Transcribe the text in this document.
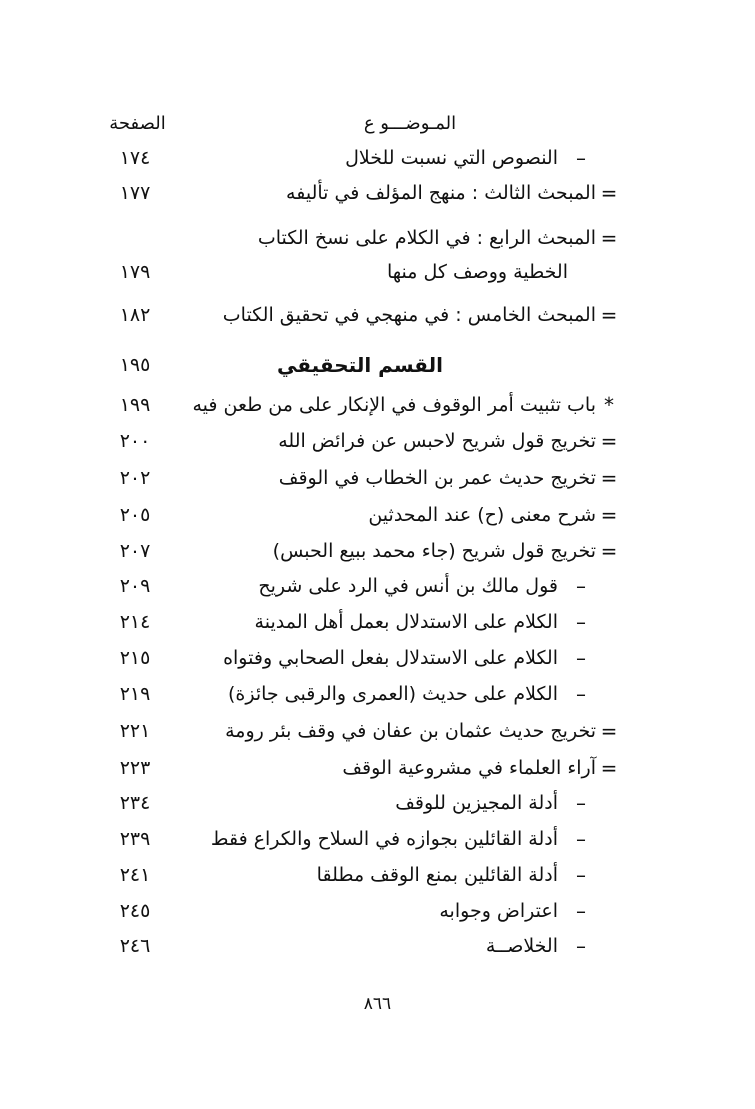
المـوضـــو ع
الصفحة
–
النصوص التي نسبت للخلال
١٧٤
=
المبحث الثالث : منهج المؤلف في تأليفه
١٧٧
=
المبحث الرابع : في الكلام على نسخ الكتاب
الخطية ووصف كل منها
١٧٩
=
المبحث الخامس : في منهجي في تحقيق الكتاب
١٨٢
القسم التحقيقي
١٩٥
*
باب تثبيت أمر الوقوف في الإنكار على من طعن فيه
١٩٩
=
تخريج قول شريح لاحبس عن فرائض الله
٢٠٠
=
تخريج حديث عمر بن الخطاب في الوقف
٢٠٢
=
شرح معنى (ح) عند المحدثين
٢٠٥
=
تخريج قول شريح (جاء محمد ببيع الحبس)
٢٠٧
–
قول مالك بن أنس في الرد على شريح
٢٠٩
–
الكلام على الاستدلال بعمل أهل المدينة
٢١٤
–
الكلام على الاستدلال بفعل الصحابي وفتواه
٢١٥
–
الكلام على حديث (العمرى والرقبى جائزة)
٢١٩
=
تخريج حديث عثمان بن عفان في وقف بئر رومة
٢٢١
=
آراء العلماء في مشروعية الوقف
٢٢٣
–
أدلة المجيزين للوقف
٢٣٤
–
أدلة القائلين بجوازه في السلاح والكراع فقط
٢٣٩
–
أدلة القائلين بمنع الوقف مطلقا
٢٤١
–
اعتراض وجوابه
٢٤٥
–
الخلاصــة
٢٤٦
٨٦٦
